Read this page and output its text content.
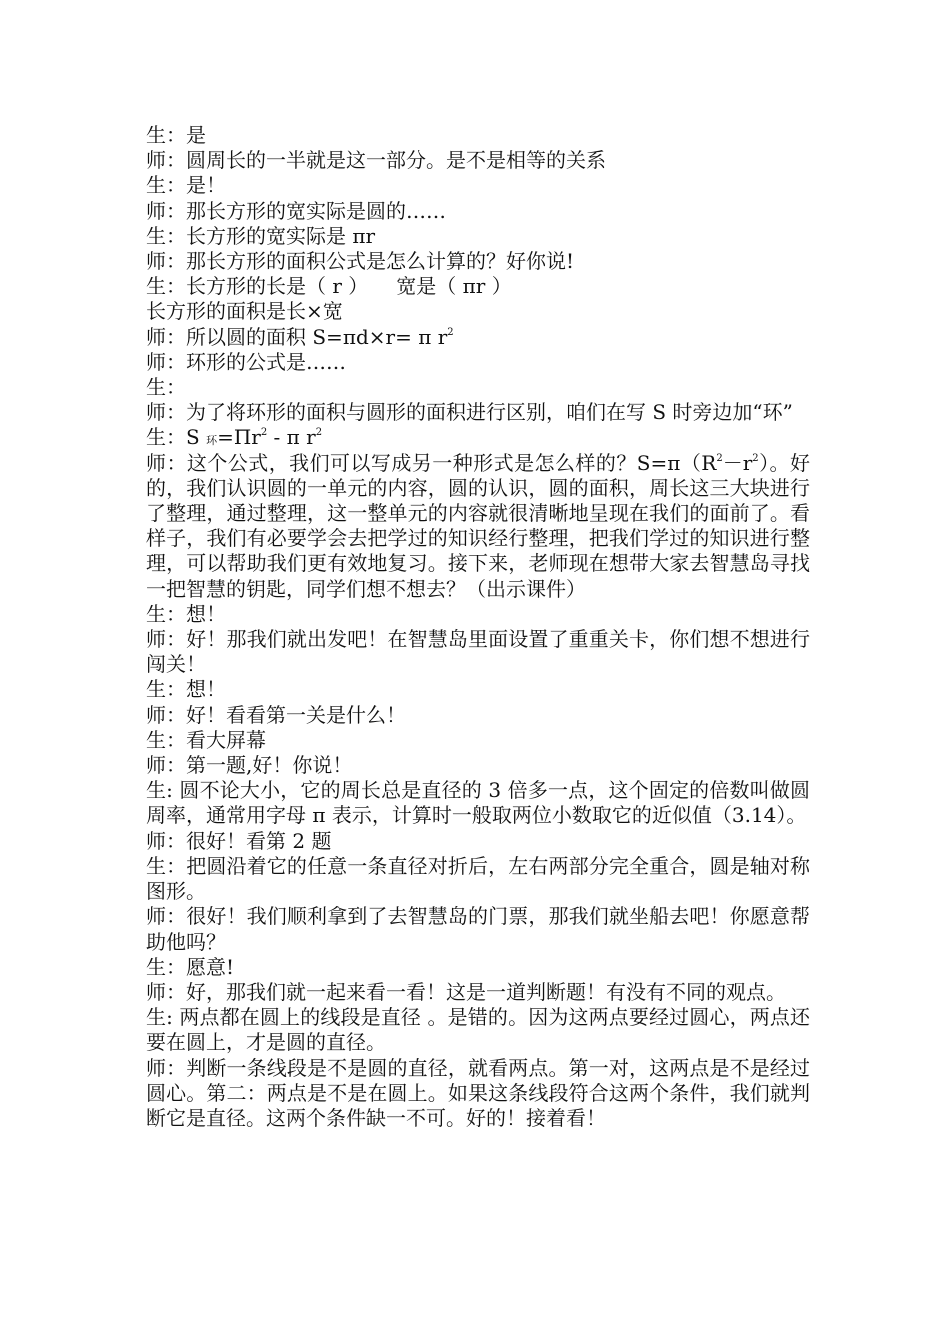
生：是

师：圆周长的一半就是这一部分。是不是相等的关系

生：是！

师：那长方形的宽实际是圆的……

生：长方形的宽实际是 πr

师：那长方形的面积公式是怎么计算的？好你说!

生：长方形的长是（ r ） 宽是（ πr ）

长方形的面积是长×宽

师：所以圆的面积 S=πd×r= π $r^2$

师：环形的公式是……

生：

师：为了将环形的面积与圆形的面积进行区别，咱们在写 S 时旁边加“环”

生：S 环$=\Pi r^2 - \pi$ $r^2$

师：这个公式，我们可以写成另一种形式是怎么样的？$S=\pi(R^2-r^2)$。好的，我们认识圆的一单元的内容，圆的认识，圆的面积，周长这三大块进行了整理，通过整理，这一整单元的内容就很清晰地呈现在我们的面前了。看样子，我们有必要学会去把学过的知识经行整理，把我们学过的知识进行整理，可以帮助我们更有效地复习。接下来，老师现在想带大家去智慧岛寻找一把智慧的钥匙，同学们想不想去？（出示课件）

生：想！

师：好！那我们就出发吧！在智慧岛里面设置了重重关卡，你们想不想进行闯关！

生：想！

师：好！看看第一关是什么！

生：看大屏幕

师：第一题,好！你说！

生: 圆不论大小，它的周长总是直径的 3 倍多一点，这个固定的倍数叫做圆周率，通常用字母 π 表示，计算时一般取两位小数取它的近似值（3.14）。

师：很好！看第 2 题

生：把圆沿着它的任意一条直径对折后，左右两部分完全重合，圆是轴对称图形。

师：很好！我们顺利拿到了去智慧岛的门票，那我们就坐船去吧！你愿意帮助他吗？

生：愿意!

师：好，那我们就一起来看一看！这是一道判断题！有没有不同的观点。

生: 两点都在圆上的线段是直径 。是错的。因为这两点要经过圆心，两点还要在圆上，才是圆的直径。

师：判断一条线段是不是圆的直径，就看两点。第一对，这两点是不是经过圆心。第二：两点是不是在圆上。如果这条线段符合这两个条件，我们就判断它是直径。这两个条件缺一不可。好的！接着看！
